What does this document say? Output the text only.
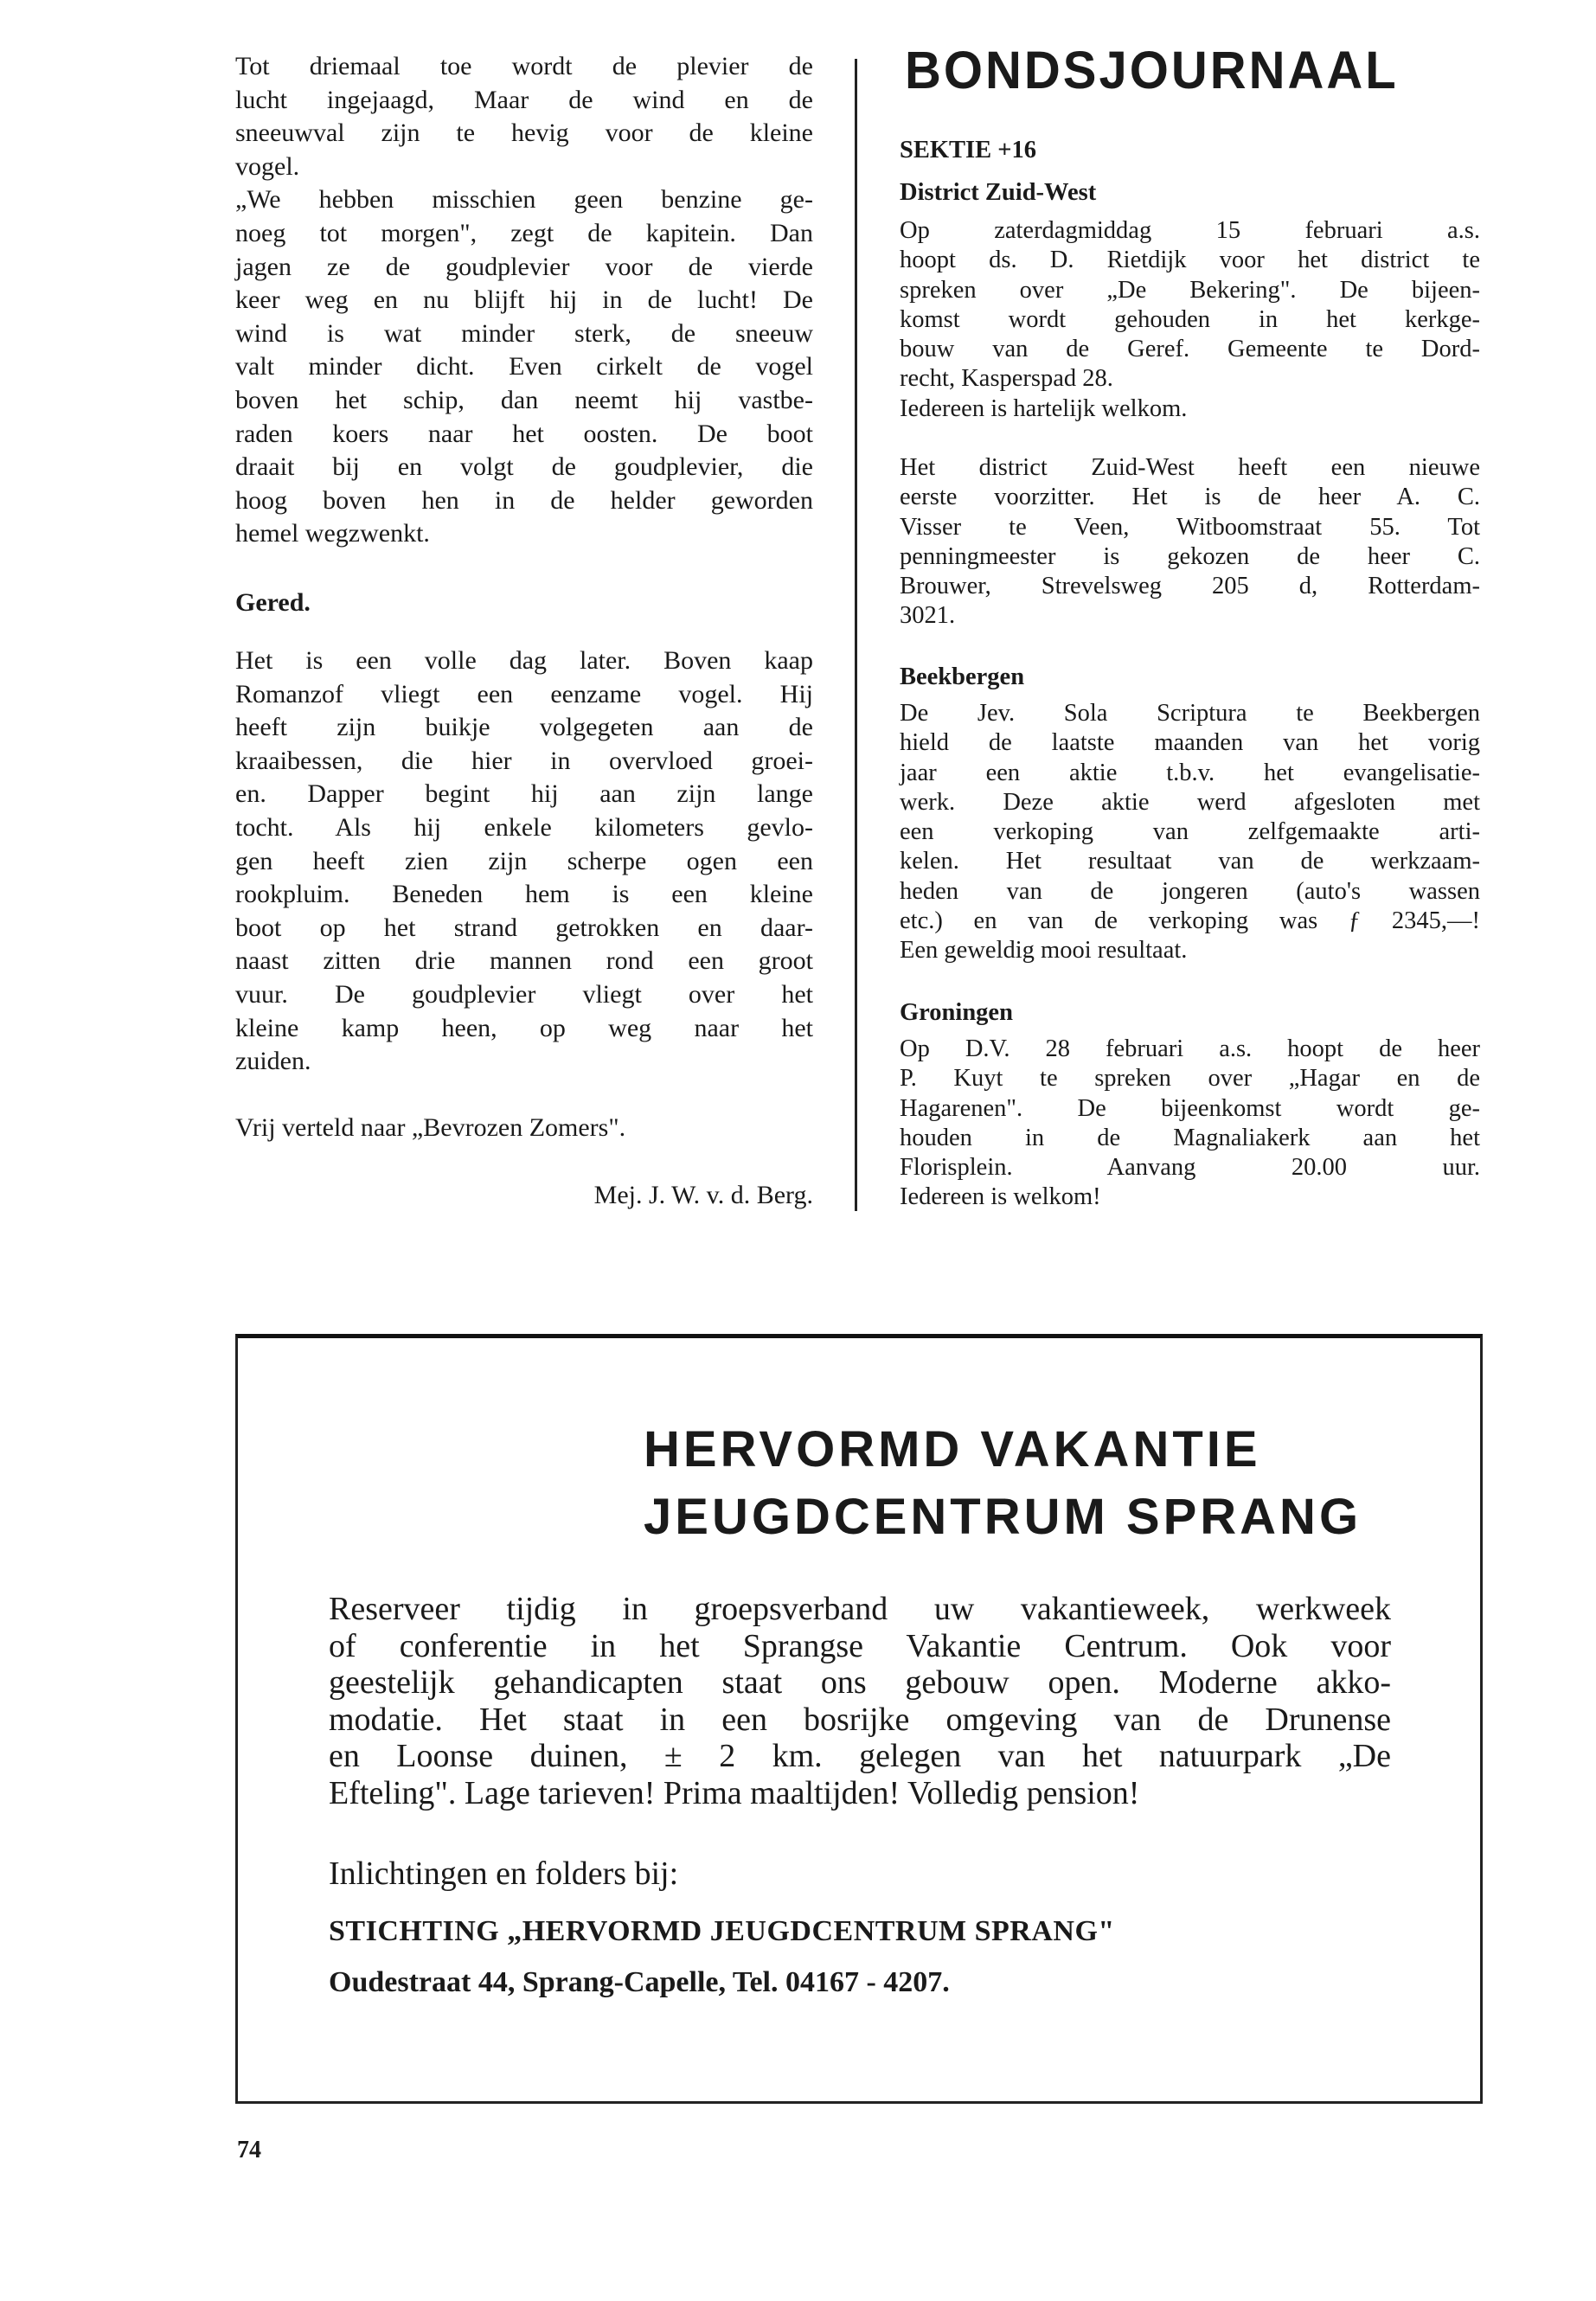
Tot driemaal toe wordt de plevier de
lucht ingejaagd, Maar de wind en de
sneeuwval zijn te hevig voor de kleine
vogel.
„We hebben misschien geen benzine ge-
noeg tot morgen", zegt de kapitein. Dan
jagen ze de goudplevier voor de vierde
keer weg en nu blijft hij in de lucht! De
wind is wat minder sterk, de sneeuw
valt minder dicht. Even cirkelt de vogel
boven het schip, dan neemt hij vastbe-
raden koers naar het oosten. De boot
draait bij en volgt de goudplevier, die
hoog boven hen in de helder geworden
hemel wegzwenkt.
Gered.
Het is een volle dag later. Boven kaap
Romanzof vliegt een eenzame vogel. Hij
heeft zijn buikje volgegeten aan de
kraaibessen, die hier in overvloed groei-
en. Dapper begint hij aan zijn lange
tocht. Als hij enkele kilometers gevlo-
gen heeft zien zijn scherpe ogen een
rookpluim. Beneden hem is een kleine
boot op het strand getrokken en daar-
naast zitten drie mannen rond een groot
vuur. De goudplevier vliegt over het
kleine kamp heen, op weg naar het
zuiden.
Vrij verteld naar „Bevrozen Zomers".
Mej. J. W. v. d. Berg.
BONDSJOURNAAL
SEKTIE +16
District Zuid-West
Op zaterdagmiddag 15 februari a.s.
hoopt ds. D. Rietdijk voor het district te
spreken over „De Bekering". De bijeen-
komst wordt gehouden in het kerkge-
bouw van de Geref. Gemeente te Dord-
recht, Kasperspad 28.
Iedereen is hartelijk welkom.
Het district Zuid-West heeft een nieuwe
eerste voorzitter. Het is de heer A. C.
Visser te Veen, Witboomstraat 55. Tot
penningmeester is gekozen de heer C.
Brouwer, Strevelsweg 205 d, Rotterdam-
3021.
Beekbergen
De Jev. Sola Scriptura te Beekbergen
hield de laatste maanden van het vorig
jaar een aktie t.b.v. het evangelisatie-
werk. Deze aktie werd afgesloten met
een verkoping van zelfgemaakte arti-
kelen. Het resultaat van de werkzaam-
heden van de jongeren (auto's wassen
etc.) en van de verkoping was ƒ 2345,—!
Een geweldig mooi resultaat.
Groningen
Op D.V. 28 februari a.s. hoopt de heer
P. Kuyt te spreken over „Hagar en de
Hagarenen". De bijeenkomst wordt ge-
houden in de Magnaliakerk aan het
Florisplein. Aanvang 20.00 uur.
Iedereen is welkom!
HERVORMD VAKANTIE
JEUGDCENTRUM SPRANG
Reserveer tijdig in groepsverband uw vakantieweek, werkweek
of conferentie in het Sprangse Vakantie Centrum. Ook voor
geestelijk gehandicapten staat ons gebouw open. Moderne akko-
modatie. Het staat in een bosrijke omgeving van de Drunense
en Loonse duinen, ± 2 km. gelegen van het natuurpark „De
Efteling". Lage tarieven! Prima maaltijden! Volledig pension!
Inlichtingen en folders bij:
STICHTING „HERVORMD JEUGDCENTRUM SPRANG"
Oudestraat 44, Sprang-Capelle, Tel. 04167 - 4207.
74
